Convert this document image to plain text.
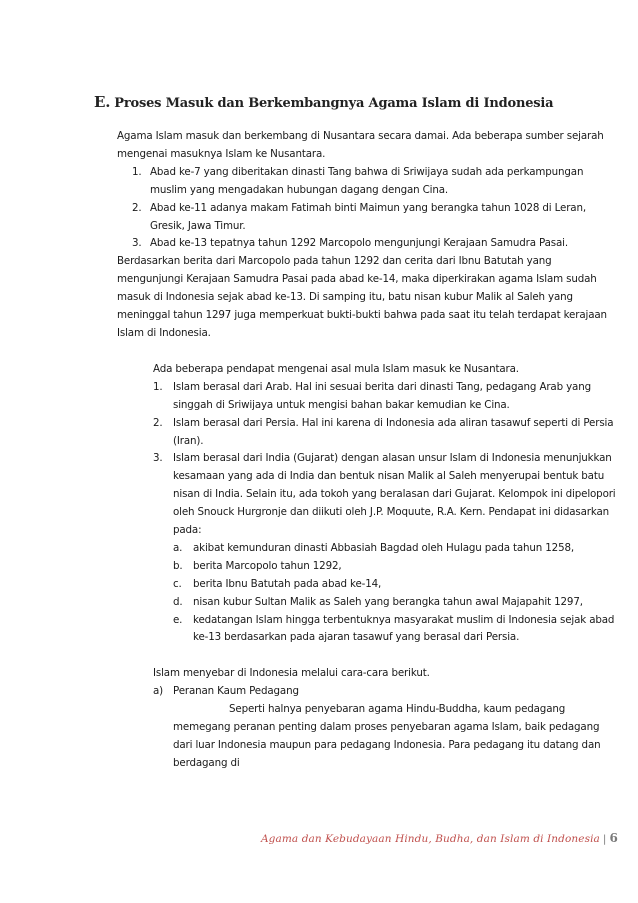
E. Proses Masuk dan Berkembangnya Agama Islam di Indonesia

Agama Islam masuk dan berkembang di Nusantara secara damai. Ada beberapa sumber sejarah mengenai masuknya Islam ke Nusantara.

1. Abad ke-7 yang diberitakan dinasti Tang bahwa di Sriwijaya sudah ada perkampungan muslim yang mengadakan hubungan dagang dengan Cina.
2. Abad ke-11 adanya makam Fatimah binti Maimun yang berangka tahun 1028 di Leran, Gresik, Jawa Timur.
3. Abad ke-13 tepatnya tahun 1292 Marcopolo mengunjungi Kerajaan Samudra Pasai.

Berdasarkan berita dari Marcopolo pada tahun 1292 dan cerita dari Ibnu Batutah yang mengunjungi Kerajaan Samudra Pasai pada abad ke-14, maka diperkirakan agama Islam sudah masuk di Indonesia sejak abad ke-13. Di samping itu, batu nisan kubur Malik al Saleh yang meninggal tahun 1297 juga memperkuat bukti-bukti bahwa pada saat itu telah terdapat kerajaan Islam di Indonesia.

Ada beberapa pendapat mengenai asal mula Islam masuk ke Nusantara.

1. Islam berasal dari Arab. Hal ini sesuai berita dari dinasti Tang, pedagang Arab yang singgah di Sriwijaya untuk mengisi bahan bakar kemudian ke Cina.
2. Islam berasal dari Persia. Hal ini karena di Indonesia ada aliran tasawuf seperti di Persia (Iran).
3. Islam berasal dari India (Gujarat) dengan alasan unsur Islam di Indonesia menunjukkan kesamaan yang ada di India dan bentuk nisan Malik al Saleh menyerupai bentuk batu nisan di India. Selain itu, ada tokoh yang beralasan dari Gujarat. Kelompok ini dipelopori oleh Snouck Hurgronje dan diikuti oleh J.P. Moquute, R.A. Kern. Pendapat ini didasarkan pada:
a. akibat kemunduran dinasti Abbasiah Bagdad oleh Hulagu pada tahun 1258,
b. berita Marcopolo tahun 1292,
c. berita Ibnu Batutah pada abad ke-14,
d. nisan kubur Sultan Malik as Saleh yang berangka tahun awal Majapahit 1297,
e. kedatangan Islam hingga terbentuknya masyarakat muslim di Indonesia sejak abad ke-13 berdasarkan pada ajaran tasawuf yang berasal dari Persia.

Islam menyebar di Indonesia melalui cara-cara berikut.

a) Peranan Kaum Pedagang

Seperti halnya penyebaran agama Hindu-Buddha, kaum pedagang memegang peranan penting dalam proses penyebaran agama Islam, baik pedagang dari luar Indonesia maupun para pedagang Indonesia. Para pedagang itu datang dan berdagang di

Agama dan Kebudayaan Hindu, Budha, dan Islam di Indonesia | 6
